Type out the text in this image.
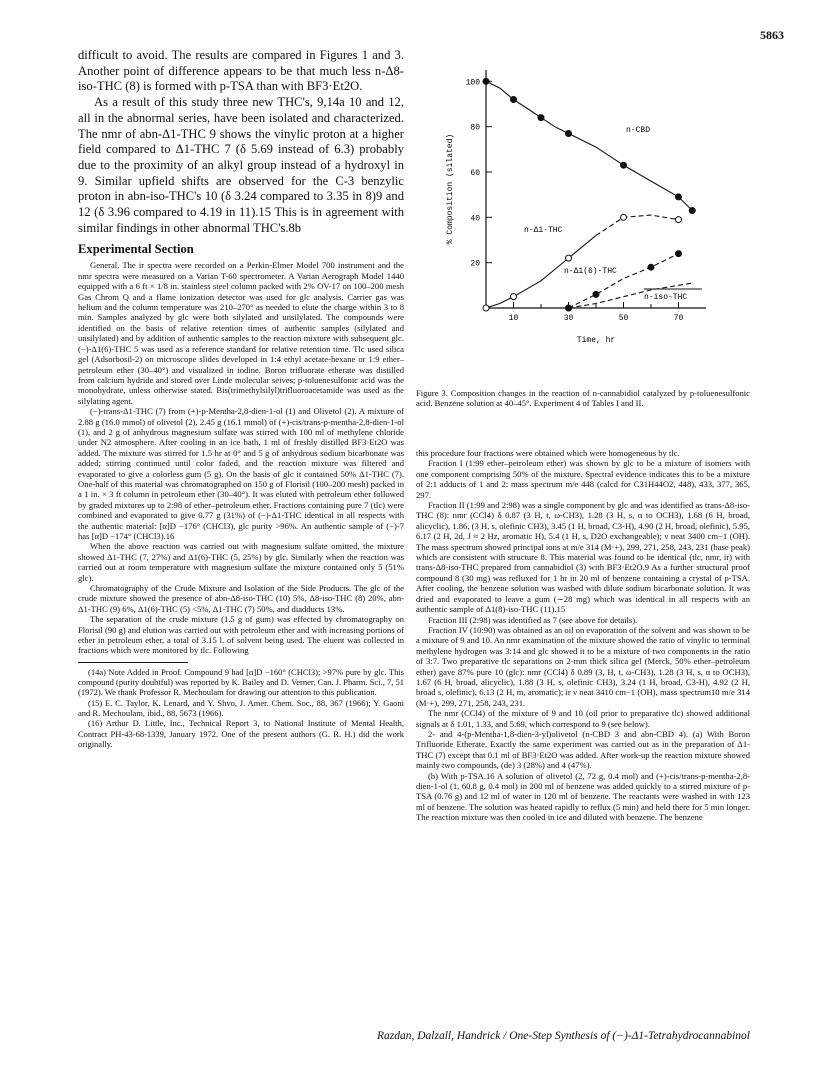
5863

difficult to avoid. The results are compared in Figures 1 and 3. Another point of difference appears to be that much less n-Δ8-iso-THC (8) is formed with p-TSA than with BF3·Et2O.

As a result of this study three new THC's, 9,14a 10 and 12, all in the abnormal series, have been isolated and characterized. The nmr of abn-Δ1-THC 9 shows the vinylic proton at a higher field compared to Δ1-THC 7 (δ 5.69 instead of 6.3) probably due to the proximity of an alkyl group instead of a hydroxyl in 9. Similar upfield shifts are observed for the C-3 benzylic proton in abn-iso-THC's 10 (δ 3.24 compared to 3.35 in 8)9 and 12 (δ 3.96 compared to 4.19 in 11).15 This is in agreement with similar findings in other abnormal THC's.8b

Experimental Section

General. The ir spectra were recorded on a Perkin-Elmer Model 700 instrument and the nmr spectra were measured on a Varian T-60 spectrometer. A Varian Aerograph Model 1440 equipped with a 6 ft × 1/8 in. stainless steel column packed with 2% OV-17 on 100–200 mesh Gas Chrom Q and a flame ionization detector was used for glc analysis. Carrier gas was helium and the column temperature was 210–270° as needed to elute the charge within 3 to 8 min. Samples analyzed by glc were both silylated and unsilylated. The compounds were identified on the basis of relative retention times of authentic samples (silylated and unsilylated) and by addition of authentic samples to the reaction mixture with subsequent glc. (−)-Δ1(6)-THC 5 was used as a reference standard for relative retention time. Tlc used silica gel (Adsorbosil-2) on microscope slides developed in 1:4 ethyl acetate-hexane or 1:9 ether–petroleum ether (30–40°) and visualized in iodine. Boron trifluorate etherate was distilled from calcium hydride and stored over Linde molecular seives; p-toluenesulfonic acid was the monohydrate, unless otherwise stated. Bis(trimethylsilyl)trifluoroacetamide was used as the silylating agent.

(−)-trans-Δ1-THC (7) from (+)-p-Mentha-2,8-dien-1-ol (1) and Olivetol (2). A mixture of 2.88 g (16.0 mmol) of olivetol (2), 2.45 g (16.1 mmol) of (+)-cis/trans-p-mentha-2,8-dien-1-ol (1), and 2 g of anhydrous magnesium sulfate was stirred with 100 ml of methylene chloride under N2 atmosphere. After cooling in an ice bath, 1 ml of freshly distilled BF3·Et2O was added. The mixture was stirred for 1.5 hr at 0° and 5 g of anhydrous sodium bicarbonate was added; stirring continued until color faded, and the reaction mixture was filtered and evaporated to give a colorless gum (5 g). On the basis of glc it contained 50% Δ1-THC (7). One-half of this material was chromatographed on 150 g of Florisil (100–200 mesh) packed in a 1 in. × 3 ft column in petroleum ether (30–40°). It was eluted with petroleum ether followed by graded mixtures up to 2:98 of ether–petroleum ether. Fractions containing pure 7 (tlc) were combined and evaporated to give 0.77 g (31%) of (−)-Δ1-THC identical in all respects with the authentic material: [α]D −176° (CHCl3), glc purity >96%. An authentic sample of (−)-7 has [α]D −174° (CHCl3).16

When the above reaction was carried out with magnesium sulfate omitted, the mixture showed Δ1-THC (7, 27%) and Δ1(6)-THC (5, 25%) by glc. Similarly when the reaction was carried out at room temperature with magnesium sulfate the mixture contained only 5 (51% glc).

Chromatography of the Crude Mixture and Isolation of the Side Products. The glc of the crude mixture showed the presence of abn-Δ8-iso-THC (10) 5%, Δ8-iso-THC (8) 20%, abn-Δ1-THC (9) 6%, Δ1(6)-THC (5) <5%, Δ1-THC (7) 50%, and diadducts 13%.

The separation of the crude mixture (1.5 g of gum) was effected by chromatography on Florisil (90 g) and elution was carried out with petroleum ether and with increasing portions of ether in petroleum ether, a total of 3.15 l. of solvent being used. The eluent was collected in fractions which were monitored by tlc. Following

(14a) Note Added in Proof. Compound 9 had [α]D −160° (CHCl3); >97% pure by glc. This compound (purity doubtful) was reported by K. Bailey and D. Verner, Can. J. Pharm. Sci., 7, 51 (1972). We thank Professor R. Mechoulam for drawing our attention to this publication.

(15) E. C. Taylor, K. Lenard, and Y. Shvo, J. Amer. Chem. Soc., 88, 367 (1966); Y. Gaoni and R. Mechoulam, ibid., 88, 5673 (1966).

(16) Arthur D. Little, Inc., Technical Report 3, to National Institute of Mental Health, Contract PH-43-68-1339, January 1972. One of the present authors (G. R. H.) did the work originally.

20
40
60
80
100
10	30	50	70
Time, hr
% Composition (silated)
n-CBD
n-Δ1-THC
n-Δ1(6)-THC
n-iso-THC
Figure 3. Composition changes in the reaction of n-cannabidiol catalyzed by p-toluenesulfonic acid. Benzene solution at 40–45°. Experiment 4 of Tables I and II.

this procedure four fractions were obtained which were homogeneous by tlc.

Fraction I (1:99 ether–petroleum ether) was shown by glc to be a mixture of isomers with one component comprising 50% of the mixture. Spectral evidence indicates this to be a mixture of 2:1 adducts of 1 and 2: mass spectrum m/e 448 (calcd for C31H44O2, 448), 433, 377, 365, 297.

Fraction II (1:99 and 2:98) was a single component by glc and was identified as trans-Δ8-iso-THC (8): nmr (CCl4) δ 0.87 (3 H, t, ω-CH3), 1.28 (3 H, s, α to OCH3), 1.68 (6 H, broad, alicyclic), 1.86, (3 H, s, olefinic CH3), 3.45 (1 H, broad, C3-H), 4.90 (2 H, broad, olefinic), 5.95, 6.17 (2 H, 2d, J ≈ 2 Hz, aromatic H), 5.4 (1 H, s, D2O exchangeable); ν neat 3400 cm−1 (OH). The mass spectrum showed principal ions at m/e 314 (M·+), 299, 271, 258, 243, 231 (base peak) which are consistent with structure 8. This material was found to be identical (tlc, nmr, ir) with trans-Δ8-iso-THC prepared from cannabidiol (3) with BF3·Et2O.9 As a further structural proof compound 8 (30 mg) was refluxed for 1 hr in 20 ml of benzene containing a crystal of p-TSA. After cooling, the benzene solution was washed with dilute sodium bicarbonate solution. It was dried and evaporated to leave a gum (∼28 mg) which was identical in all respects with an authentic sample of Δ1(8)-iso-THC (11).15

Fraction III (2:98) was identified as 7 (see above for details).

Fraction IV (10:90) was obtained as an oil on evaporation of the solvent and was shown to be a mixture of 9 and 10. An nmr examination of the mixture showed the ratio of vinylic to terminal methylene hydrogen was 3:14 and glc showed it to be a mixture of two components in the ratio of 3:7. Two preparative tlc separations on 2-mm thick silica gel (Merck, 50% ether–petroleum ether) gave 87% pure 10 (glc): nmr (CCl4) δ 0.89 (3, H, t, ω-CH3), 1.28 (3 H, s, α to OCH3), 1.67 (6 H, broad, alicyclic), 1.88 (3 H, s, olefinic CH3), 3.24 (1 H, broad, C3-H), 4.92 (2 H, broad s, olefinic), 6.13 (2 H, m, aromatic); ir ν neat 3410 cm−1 (OH), mass spectrum10 m/e 314 (M·+), 299, 271, 258, 243, 231.

The nmr (CCl4) of the mixture of 9 and 10 (oil prior to preparative tlc) showed additional signals at δ 1.01, 1.33, and 5.69, which correspond to 9 (see below).

2- and 4-(p-Mentha-1,8-dien-3-yl)olivetol (n-CBD 3 and abn-CBD 4). (a) With Boron Trifluoride Etherate. Exactly the same experiment was carried out as in the preparation of Δ1-THC (7) except that 0.1 ml of BF3·Et2O was added. After work-up the reaction mixture showed mainly two compounds, (de) 3 (28%) and 4 (47%).

(b) With p-TSA.16 A solution of olivetol (2, 72 g, 0.4 mol) and (+)-cis/trans-p-mentha-2,8-dien-1-ol (1, 60.8 g, 0.4 mol) in 200 ml of benzene was added quickly to a stirred mixture of p-TSA (0.76 g) and 12 ml of water in 120 ml of benzene. The reactants were washed in with 123 ml of benzene. The solution was heated rapidly to reflux (5 min) and held there for 5 min longer. The reaction mixture was then cooled in ice and diluted with benzene. The benzene

Razdan, Dalzall, Handrick / One-Step Synthesis of (−)-Δ1-Tetrahydrocannabinol
